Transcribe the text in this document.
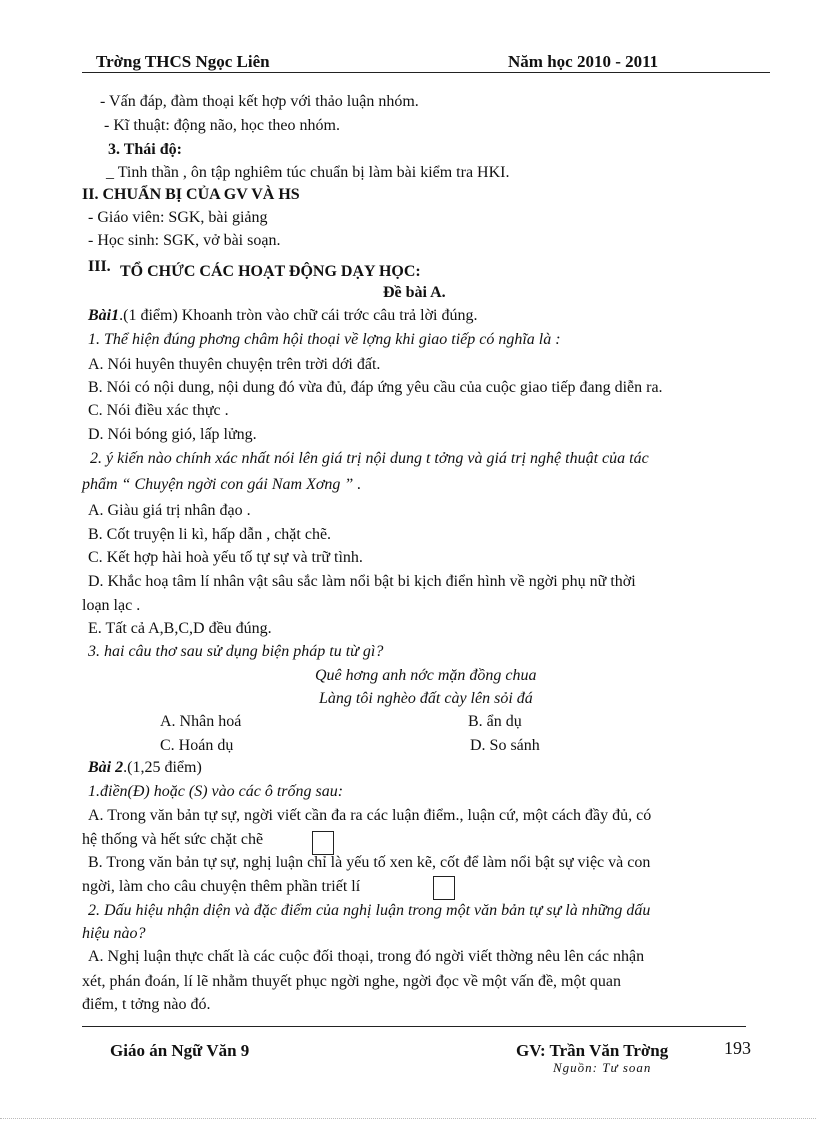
Trờng THCS Ngọc Liên	Năm học 2010 - 2011
- Vấn đáp, đàm thoại kết hợp với thảo luận nhóm.
- Kĩ thuật: động não, học theo nhóm.
3. Thái độ:
_ Tinh thần , ôn tập nghiêm túc chuẩn bị làm bài kiểm tra HKI.
II. CHUẨN BỊ CỦA GV VÀ HS
- Giáo viên: SGK, bài giảng
- Học sinh: SGK, vở bài soạn.
III. TỔ CHỨC CÁC HOẠT ĐỘNG DẠY HỌC:
Đề bài A.
Bài1.(1 điểm) Khoanh tròn vào chữ cái trớc câu trả lời đúng.
1. Thể hiện đúng phơng châm hội thoại về lợng khi giao tiếp có nghĩa là :
A. Nói huyên thuyên chuyện trên trời dới đất.
B. Nói có nội dung, nội dung đó vừa đủ, đáp ứng yêu cầu của cuộc giao tiếp đang diễn ra.
C. Nói điều xác thực .
D. Nói bóng gió, lấp lửng.
2. ý kiến nào chính xác nhất nói lên giá trị nội dung t tởng và giá trị nghệ thuật của tác
phẩm “ Chuyện ngời con gái Nam Xơng ” .
A. Giàu giá trị nhân đạo .
B. Cốt truyện li kì, hấp dẫn , chặt chẽ.
C. Kết hợp hài hoà yếu tố tự sự và trữ tình.
D. Khắc hoạ tâm lí nhân vật sâu sắc làm nổi bật bi kịch điển hình về ngời phụ nữ thời
loạn lạc .
E. Tất cả A,B,C,D đều đúng.
3. hai câu thơ sau sử dụng biện pháp tu từ gì?
Quê hơng anh nớc mặn đồng chua
Làng tôi nghèo đất cày lên sỏi đá
A. Nhân hoá	B. ẩn dụ
C. Hoán dụ	D. So sánh
Bài 2.(1,25 điểm)
1.điền(Đ) hoặc (S) vào các ô trống sau:
A. Trong văn bản tự sự, ngời viết cần đa ra các luận điểm., luận cứ, một cách đầy đủ, có
hệ thống và hết sức chặt chẽ
B. Trong văn bản tự sự, nghị luận chỉ là yếu tố xen kẽ, cốt để làm nổi bật sự việc và con
ngời, làm cho câu chuyện thêm phần triết lí
2. Dấu hiệu nhận diện và đặc điểm của nghị luận trong một văn bản tự sự là những dấu
hiệu nào?
A. Nghị luận thực chất là các cuộc đối thoại, trong đó ngời viết thờng nêu lên các nhận
xét, phán đoán, lí lẽ nhằm thuyết phục ngời nghe, ngời đọc về một vấn đề, một quan
điểm, t tởng nào đó.
Giáo án Ngữ Văn 9	GV: Trần Văn Trờng	193
Nguồn: Tư soan
